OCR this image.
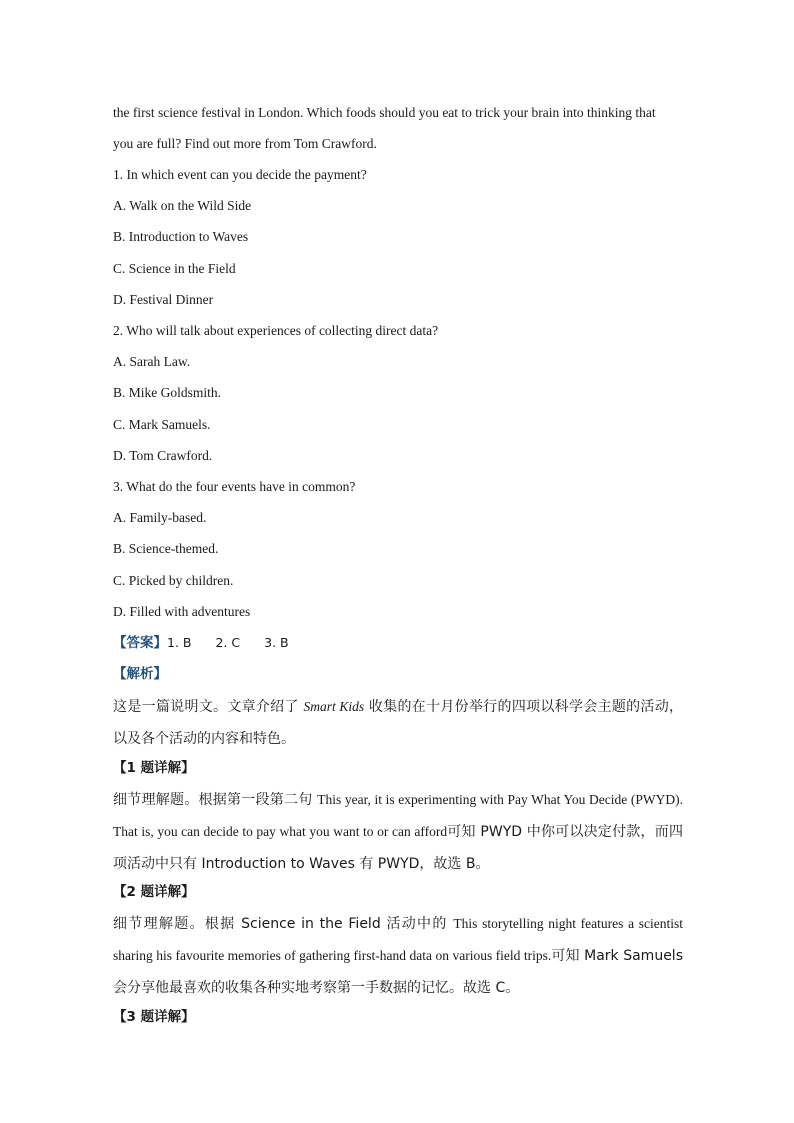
the first science festival in London. Which foods should you eat to trick your brain into thinking that
you are full? Find out more from Tom Crawford.
1. In which event can you decide the payment?
A. Walk on the Wild Side
B. Introduction to Waves
C. Science in the Field
D. Festival Dinner
2. Who will talk about experiences of collecting direct data?
A. Sarah Law.
B. Mike Goldsmith.
C. Mark Samuels.
D. Tom Crawford.
3. What do the four events have in common?
A. Family-based.
B. Science-themed.
C. Picked by children.
D. Filled with adventures
【答案】1. B 2. C 3. B
【解析】
这是一篇说明文。文章介绍了 Smart Kids 收集的在十月份举行的四项以科学会主题的活动，以及各个活动的内容和特色。
【1 题详解】
细节理解题。根据第一段第二句 This year, it is experimenting with Pay What You Decide (PWYD). That is, you can decide to pay what you want to or can afford可知 PWYD 中你可以决定付款，而四项活动中只有 Introduction to Waves 有 PWYD，故选 B。
【2 题详解】
细节理解题。根据 Science in the Field 活动中的 This storytelling night features a scientist sharing his favourite memories of gathering first-hand data on various field trips.可知 Mark Samuels 会分享他最喜欢的收集各种实地考察第一手数据的记忆。故选 C。
【3 题详解】
